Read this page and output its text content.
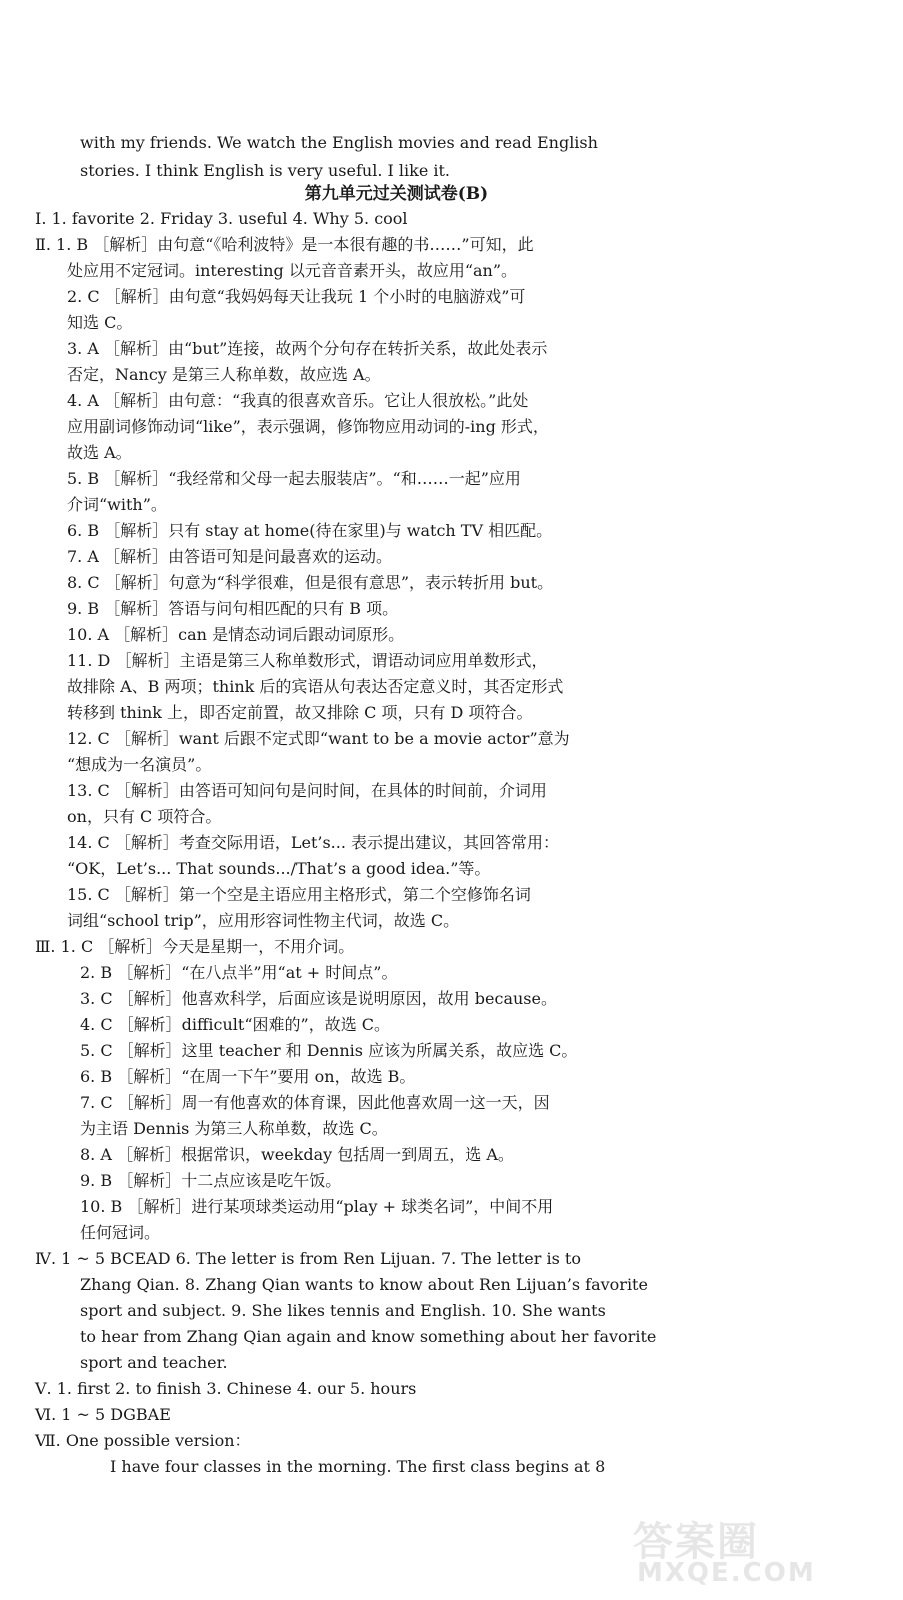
with my friends. We watch the English movies and read English
stories. I think English is very useful. I like it.
第九单元过关测试卷(B)
Ⅰ. 1. favorite 2. Friday 3. useful 4. Why 5. cool
Ⅱ. 1. B ［解析］由句意“《哈利波特》是一本很有趣的书……”可知，此
处应用不定冠词。interesting 以元音音素开头，故应用“an”。
2. C ［解析］由句意“我妈妈每天让我玩 1 个小时的电脑游戏”可
知选 C。
3. A ［解析］由“but”连接，故两个分句存在转折关系，故此处表示
否定，Nancy 是第三人称单数，故应选 A。
4. A ［解析］由句意：“我真的很喜欢音乐。它让人很放松。”此处
应用副词修饰动词“like”，表示强调，修饰物应用动词的-ing 形式，
故选 A。
5. B ［解析］“我经常和父母一起去服装店”。“和……一起”应用
介词“with”。
6. B ［解析］只有 stay at home(待在家里)与 watch TV 相匹配。
7. A ［解析］由答语可知是问最喜欢的运动。
8. C ［解析］句意为“科学很难，但是很有意思”，表示转折用 but。
9. B ［解析］答语与问句相匹配的只有 B 项。
10. A ［解析］can 是情态动词后跟动词原形。
11. D ［解析］主语是第三人称单数形式，谓语动词应用单数形式，
故排除 A、B 两项；think 后的宾语从句表达否定意义时，其否定形式
转移到 think 上，即否定前置，故又排除 C 项，只有 D 项符合。
12. C ［解析］want 后跟不定式即“want to be a movie actor”意为
“想成为一名演员”。
13. C ［解析］由答语可知问句是问时间，在具体的时间前，介词用
on，只有 C 项符合。
14. C ［解析］考查交际用语，Let’s... 表示提出建议，其回答常用：
“OK，Let’s... That sounds.../That’s a good idea.”等。
15. C ［解析］第一个空是主语应用主格形式，第二个空修饰名词
词组“school trip”，应用形容词性物主代词，故选 C。
Ⅲ. 1. C ［解析］今天是星期一，不用介词。
2. B ［解析］“在八点半”用“at + 时间点”。
3. C ［解析］他喜欢科学，后面应该是说明原因，故用 because。
4. C ［解析］difficult“困难的”，故选 C。
5. C ［解析］这里 teacher 和 Dennis 应该为所属关系，故应选 C。
6. B ［解析］“在周一下午”要用 on，故选 B。
7. C ［解析］周一有他喜欢的体育课，因此他喜欢周一这一天，因
为主语 Dennis 为第三人称单数，故选 C。
8. A ［解析］根据常识，weekday 包括周一到周五，选 A。
9. B ［解析］十二点应该是吃午饭。
10. B ［解析］进行某项球类运动用“play + 球类名词”，中间不用
任何冠词。
Ⅳ. 1 ~ 5 BCEAD 6. The letter is from Ren Lijuan. 7. The letter is to
Zhang Qian. 8. Zhang Qian wants to know about Ren Lijuan’s favorite
sport and subject. 9. She likes tennis and English. 10. She wants
to hear from Zhang Qian again and know something about her favorite
sport and teacher.
Ⅴ. 1. first 2. to finish 3. Chinese 4. our 5. hours
Ⅵ. 1 ~ 5 DGBAE
Ⅶ. One possible version：
I have four classes in the morning. The first class begins at 8
答案圈
MXQE.COM
